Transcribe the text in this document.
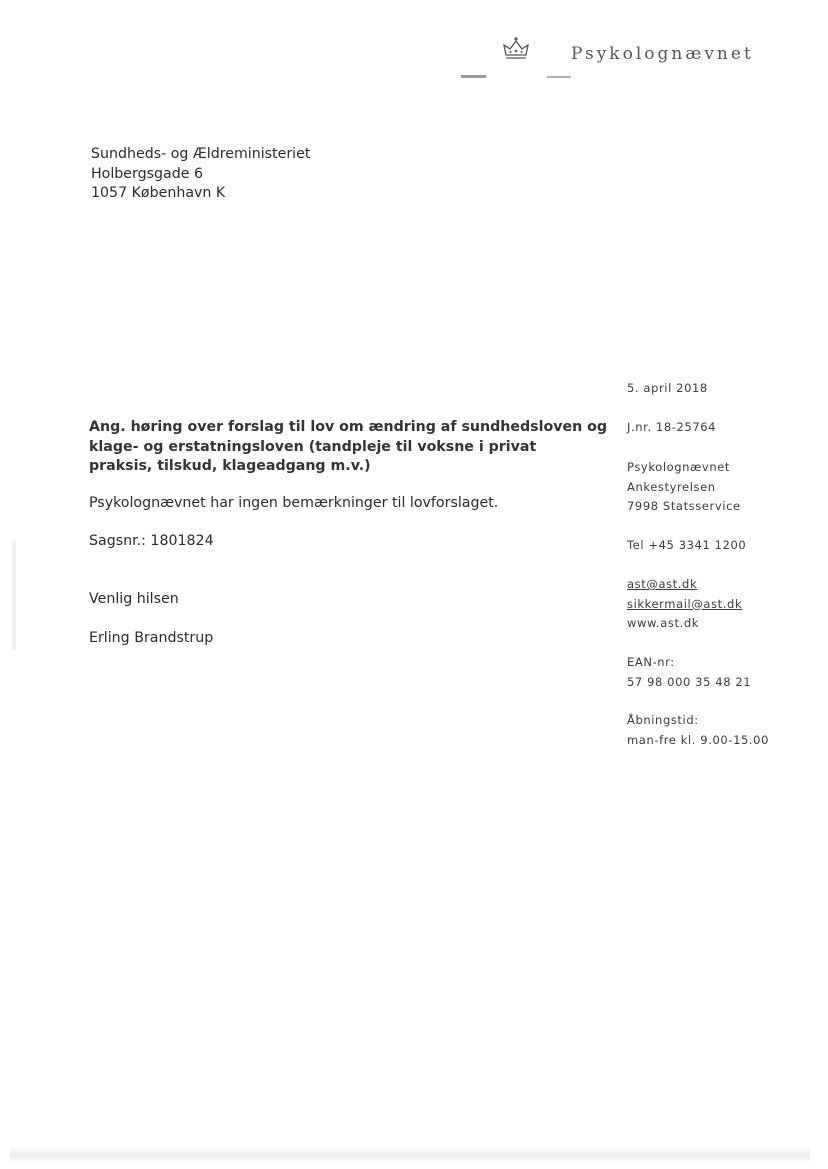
Psykolognævnet
Sundheds- og Ældreministeriet
Holbergsgade 6
1057 København K
Ang. høring over forslag til lov om ændring af sundhedsloven og
klage- og erstatningsloven (tandpleje til voksne i privat
praksis, tilskud, klageadgang m.v.)
Psykolognævnet har ingen bemærkninger til lovforslaget.
Sagsnr.: 1801824
Venlig hilsen
Erling Brandstrup
5. april 2018
J.nr. 18-25764
Psykolognævnet
Ankestyrelsen
7998 Statsservice
Tel +45 3341 1200
ast@ast.dk
sikkermail@ast.dk
www.ast.dk
EAN-nr:
57 98 000 35 48 21
Åbningstid:
man-fre kl. 9.00-15.00
